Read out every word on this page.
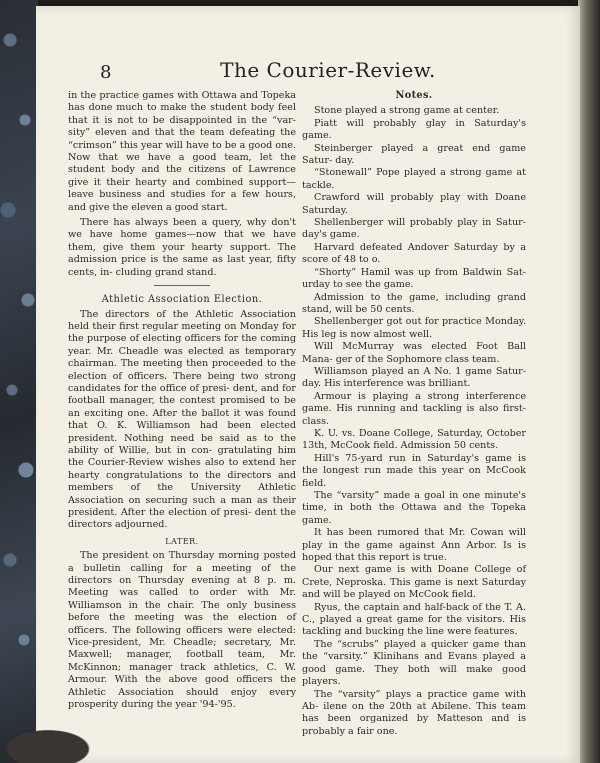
8	The Courier-Review.

in the practice games with Ottawa and Topeka has done much to make the student body feel that it is not to be disappointed in the “var- sity” eleven and that the team defeating the “crimson” this year will have to be a good one. Now that we have a good team, let the student body and the citizens of Lawrence give it their hearty and combined support—leave business and studies for a few hours, and give the eleven a good start.

There has always been a query, why don't we have home games—now that we have them, give them your hearty support. The admission price is the same as last year, fifty cents, in- cluding grand stand.

Athletic Association Election.

The directors of the Athletic Association held their first regular meeting on Monday for the purpose of electing officers for the coming year. Mr. Cheadle was elected as temporary chairman. The meeting then proceeded to the election of officers. There being two strong candidates for the office of presi- dent, and for football manager, the contest promised to be an exciting one. After the ballot it was found that O. K. Williamson had been elected president. Nothing need be said as to the ability of Willie, but in con- gratulating him the Courier-Review wishes also to extend her hearty congratulations to the directors and members of the University Athletic Association on securing such a man as their president. After the election of presi- dent the directors adjourned.

LATER.

The president on Thursday morning posted a bulletin calling for a meeting of the directors on Thursday evening at 8 p. m. Meeting was called to order with Mr. Williamson in the chair. The only business before the meeting was the election of officers. The following officers were elected: Vice-president, Mr. Cheadle; secretary, Mr. Maxwell; manager, football team, Mr. McKinnon; manager track athletics, C. W. Armour. With the above good officers the Athletic Association should enjoy every prosperity during the year '94-'95.

Notes.

Stone played a strong game at center.

Piatt will probably glay in Saturday's game.

Steinberger played a great end game Satur- day.

“Stonewall” Pope played a strong game at tackle.

Crawford will probably play with Doane Saturday.

Shellenberger will probably play in Satur- day's game.

Harvard defeated Andover Saturday by a score of 48 to o.

“Shorty” Hamil was up from Baldwin Sat- urday to see the game.

Admission to the game, including grand stand, will be 50 cents.

Shellenberger got out for practice Monday. His leg is now almost well.

Will McMurray was elected Foot Ball Mana- ger of the Sophomore class team.

Williamson played an A No. 1 game Satur- day. His interference was brilliant.

Armour is playing a strong interference game. His running and tackling is also first-class.

K. U. vs. Doane College, Saturday, October 13th, McCook field. Admission 50 cents.

Hill's 75-yard run in Saturday's game is the longest run made this year on McCook field.

The “varsity” made a goal in one minute's time, in both the Ottawa and the Topeka game.

It has been rumored that Mr. Cowan will play in the game against Ann Arbor. Is is hoped that this report is true.

Our next game is with Doane College of Crete, Neproska. This game is next Saturday and will be played on McCook field.

Ryus, the captain and half-back of the T. A. C., played a great game for the visitors. His tackling and bucking the line were features.

The “scrubs” played a quicker game than the “varsity.” Klinihans and Evans played a good game. They both will make good players.

The “varsity” plays a practice game with Ab- ilene on the 20th at Abilene. This team has been organized by Matteson and is probably a fair one.
